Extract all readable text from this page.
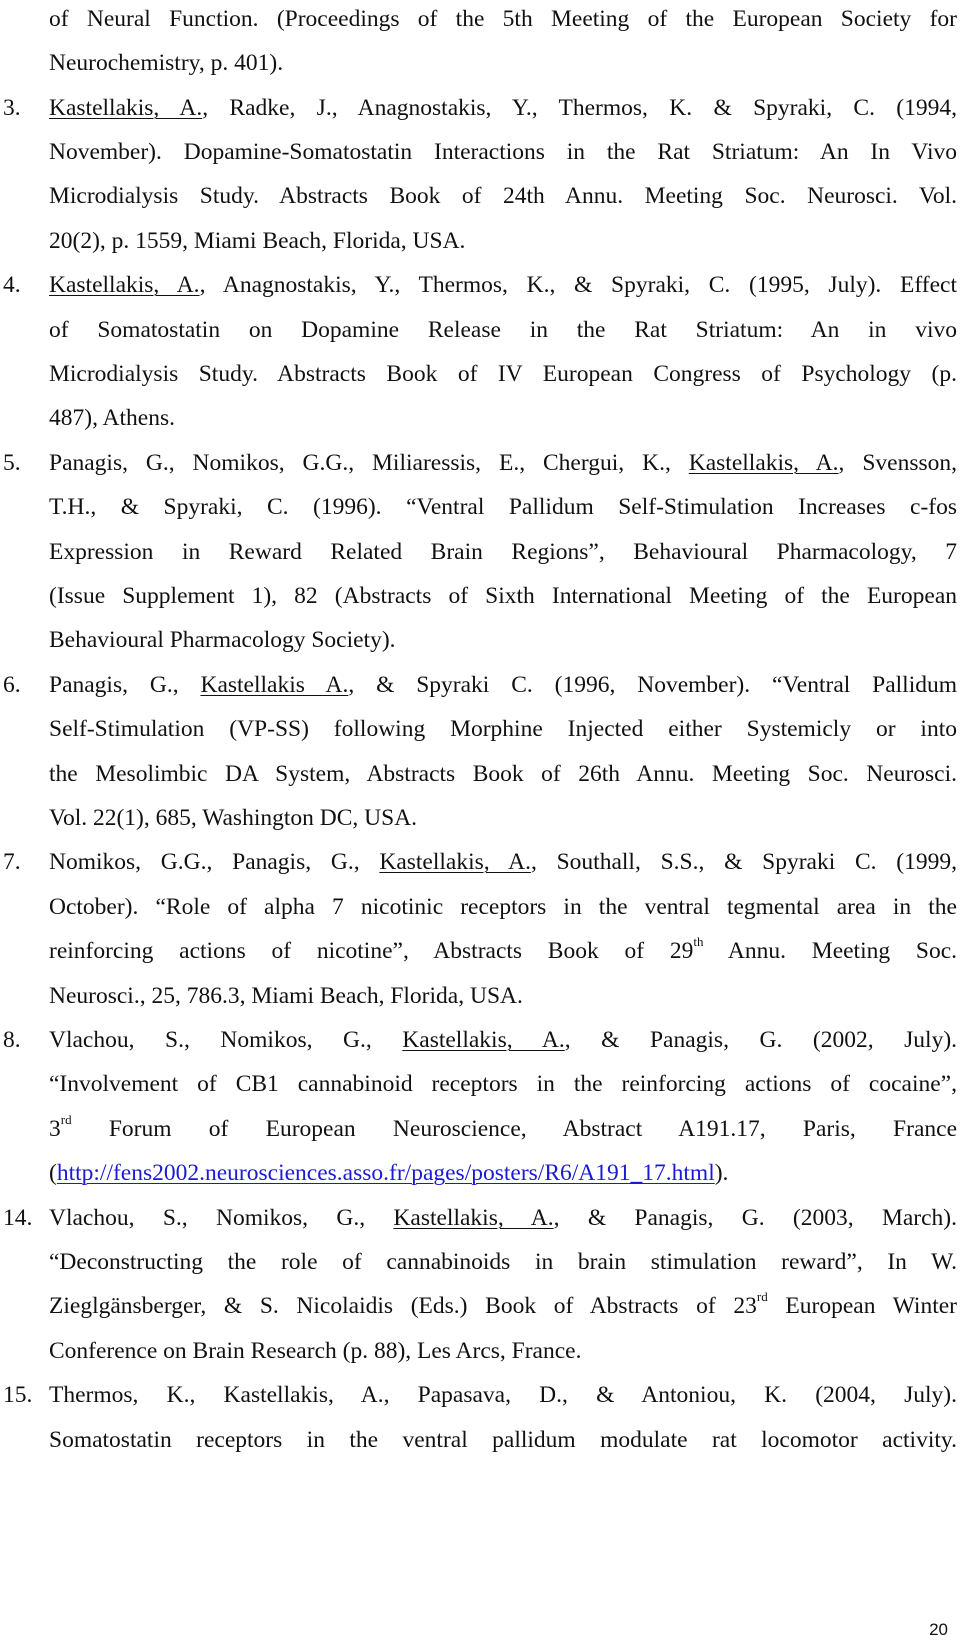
of Neural Function. (Proceedings of the 5th Meeting of the European Society for
Neurochemistry, p. 401).
3. Kastellakis, A., Radke, J., Anagnostakis, Y., Thermos, K. & Spyraki, C. (1994,
November). Dopamine-Somatostatin Interactions in the Rat Striatum: An In Vivo
Microdialysis Study. Abstracts Book of 24th Annu. Meeting Soc. Neurosci. Vol.
20(2), p. 1559, Miami Beach, Florida, USA.
4. Kastellakis, A., Anagnostakis, Y., Thermos, K., & Spyraki, C. (1995, July). Effect
of Somatostatin on Dopamine Release in the Rat Striatum: An in vivo
Microdialysis Study. Abstracts Book of IV European Congress of Psychology (p.
487), Athens.
5. Panagis, G., Nomikos, G.G., Miliaressis, E., Chergui, K., Kastellakis, A., Svensson,
T.H., & Spyraki, C. (1996). “Ventral Pallidum Self-Stimulation Increases c-fos
Expression in Reward Related Brain Regions”, Behavioural Pharmacology, 7
(Issue Supplement 1), 82 (Abstracts of Sixth International Meeting of the European
Behavioural Pharmacology Society).
6. Panagis, G., Kastellakis A., & Spyraki C. (1996, November). “Ventral Pallidum
Self-Stimulation (VP-SS) following Morphine Injected either Systemicly or into
the Mesolimbic DA System, Abstracts Book of 26th Annu. Meeting Soc. Neurosci.
Vol. 22(1), 685, Washington DC, USA.
7. Nomikos, G.G., Panagis, G., Kastellakis, A., Southall, S.S., & Spyraki C. (1999,
October). “Role of alpha 7 nicotinic receptors in the ventral tegmental area in the
reinforcing actions of nicotine”, Abstracts Book of 29th Annu. Meeting Soc.
Neurosci., 25, 786.3, Miami Beach, Florida, USA.
8. Vlachou, S., Nomikos, G., Kastellakis, A., & Panagis, G. (2002, July).
“Involvement of CB1 cannabinoid receptors in the reinforcing actions of cocaine”,
3rd Forum of European Neuroscience, Abstract A191.17, Paris, France
(http://fens2002.neurosciences.asso.fr/pages/posters/R6/A191_17.html).
14. Vlachou, S., Nomikos, G., Kastellakis, A., & Panagis, G. (2003, March).
“Deconstructing the role of cannabinoids in brain stimulation reward”, In W.
Zieglgänsberger, & S. Nicolaidis (Eds.) Book of Abstracts of 23rd European Winter
Conference on Brain Research (p. 88), Les Arcs, France.
15. Thermos, K., Kastellakis, A., Papasava, D., & Antoniou, K. (2004, July).
Somatostatin receptors in the ventral pallidum modulate rat locomotor activity.
20
